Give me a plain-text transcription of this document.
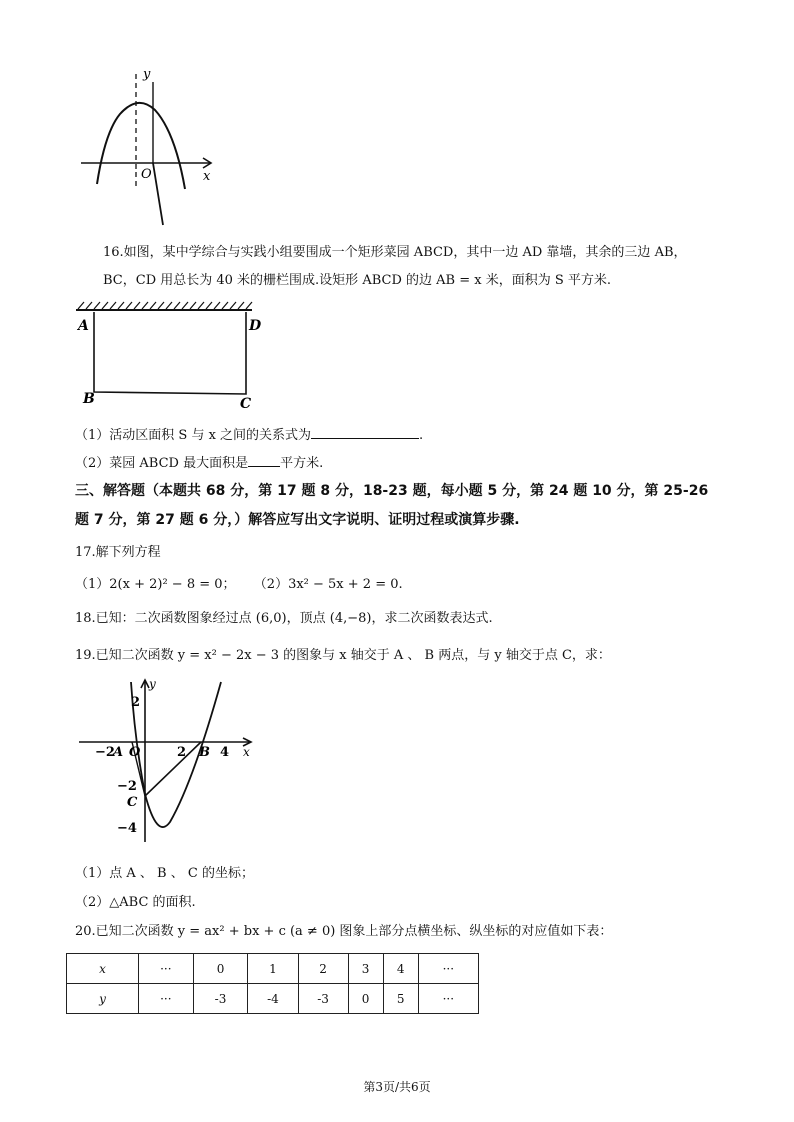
y
x
O
16.如图，某中学综合与实践小组要围成一个矩形菜园 ABCD，其中一边 AD 靠墙，其余的三边 AB，
BC，CD 用总长为 40 米的栅栏围成.设矩形 ABCD 的边 AB = x 米，面积为 S 平方米.
A	D
B	C
（1）活动区面积 S 与 x 之间的关系式为	.
（2）菜园 ABCD 最大面积是 平方米.
三、解答题（本题共 68 分，第 17 题 8 分，18-23 题，每小题 5 分，第 24 题 10 分，第 25-26
题 7 分，第 27 题 6 分，）解答应写出文字说明、证明过程或演算步骤.
17.解下列方程
（1）2(x + 2)² − 8 = 0； （2）3x² − 5x + 2 = 0.
18.已知：二次函数图象经过点 (6,0)，顶点 (4,−8)，求二次函数表达式.
19.已知二次函数 y = x² − 2x − 3 的图象与 x 轴交于 A 、 B 两点，与 y 轴交于点 C，求：
y
x
2
−2
A O	2 B 4
−2
C
−4
（1）点 A 、 B 、 C 的坐标；
（2）△ABC 的面积.
20.已知二次函数 y = ax² + bx + c (a ≠ 0) 图象上部分点横坐标、纵坐标的对应值如下表：
x	···	0	1	2	3	4	···
y	···	-3	-4	-3	0	5	···
第3页/共6页
